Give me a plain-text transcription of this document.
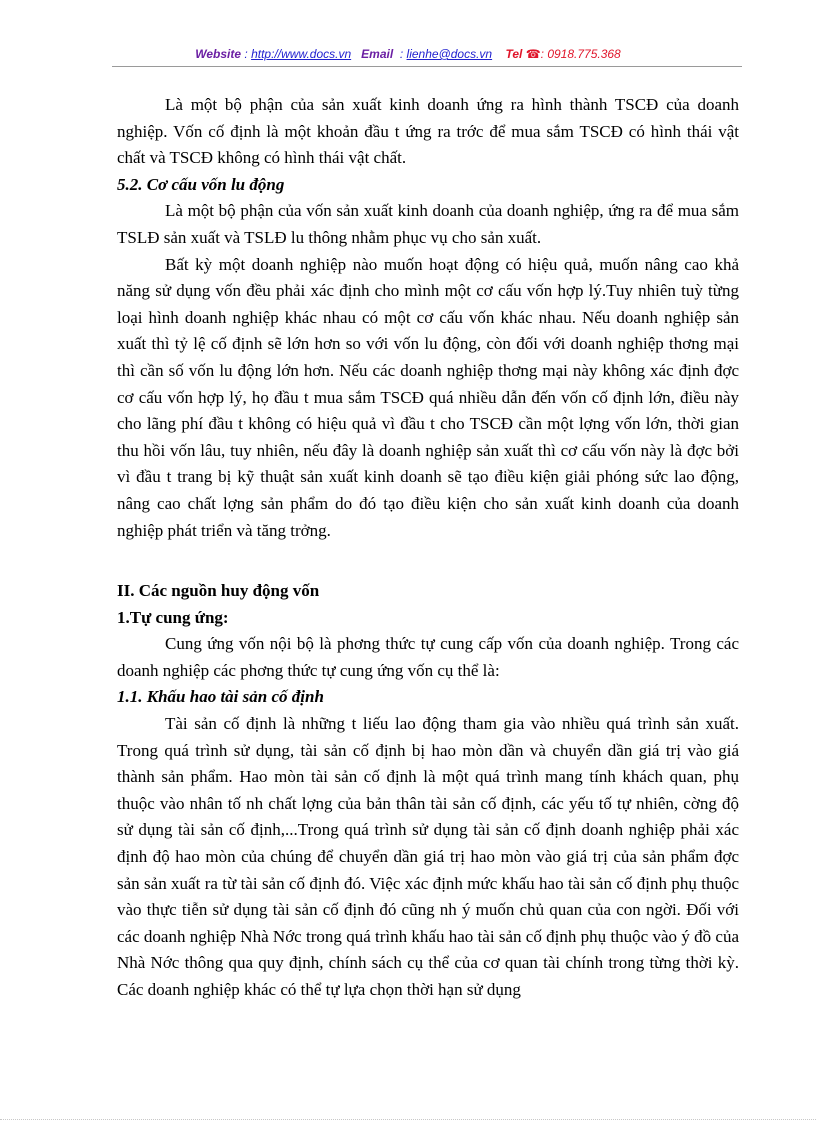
Website : http://www.docs.vn Email : lienhe@docs.vn Tel ☎: 0918.775.368

Là một bộ phận của sản xuất kinh doanh ứng ra hình thành TSCĐ của doanh nghiệp. Vốn cố định là một khoản đầu t ứng ra trớc để mua sắm TSCĐ có hình thái vật chất và TSCĐ không có hình thái vật chất.

5.2. Cơ cấu vốn lu động

Là một bộ phận của vốn sản xuất kinh doanh của doanh nghiệp, ứng ra để mua sắm TSLĐ sản xuất và TSLĐ lu thông nhằm phục vụ cho sản xuất.

Bất kỳ một doanh nghiệp nào muốn hoạt động có hiệu quả, muốn nâng cao khả năng sử dụng vốn đều phải xác định cho mình một cơ cấu vốn hợp lý.Tuy nhiên tuỳ từng loại hình doanh nghiệp khác nhau có một cơ cấu vốn khác nhau. Nếu doanh nghiệp sản xuất thì tỷ lệ cố định sẽ lớn hơn so với vốn lu động, còn đối với doanh nghiệp thơng mại thì cần số vốn lu động lớn hơn. Nếu các doanh nghiệp thơng mại này không xác định đợc cơ cấu vốn hợp lý, họ đầu t mua sắm TSCĐ quá nhiều dẫn đến vốn cố định lớn, điều này cho lãng phí đầu t không có hiệu quả vì đầu t cho TSCĐ cần một lợng vốn lớn, thời gian thu hồi vốn lâu, tuy nhiên, nếu đây là doanh nghiệp sản xuất thì cơ cấu vốn này là đợc bởi vì đầu t trang bị kỹ thuật sản xuất kinh doanh sẽ tạo điều kiện giải phóng sức lao động, nâng cao chất lợng sản phẩm do đó tạo điều kiện cho sản xuất kinh doanh của doanh nghiệp phát triển và tăng trởng.

II. Các nguồn huy động vốn
1.Tự cung ứng:

Cung ứng vốn nội bộ là phơng thức tự cung cấp vốn của doanh nghiệp. Trong các doanh nghiệp các phơng thức tự cung ứng vốn cụ thể là:

1.1. Khấu hao tài sản cố định

Tài sản cố định là những t liếu lao động tham gia vào nhiều quá trình sản xuất. Trong quá trình sử dụng, tài sản cố định bị hao mòn dần và chuyển dần giá trị vào giá thành sản phẩm. Hao mòn tài sản cố định là một quá trình mang tính khách quan, phụ thuộc vào nhân tố nh chất lợng của bản thân tài sản cố định, các yếu tố tự nhiên, cờng độ sử dụng tài sản cố định,...Trong quá trình sử dụng tài sản cố định doanh nghiệp phải xác định độ hao mòn của chúng để chuyển dần giá trị hao mòn vào giá trị của sản phẩm đợc sản sản xuất ra từ tài sản cố định đó. Việc xác định mức khấu hao tài sản cố định phụ thuộc vào thực tiễn sử dụng tài sản cố định đó cũng nh ý muốn chủ quan của con ngời. Đối với các doanh nghiệp Nhà Nớc trong quá trình khấu hao tài sản cố định phụ thuộc vào ý đồ của Nhà Nớc thông qua quy định, chính sách cụ thể của cơ quan tài chính trong từng thời kỳ. Các doanh nghiệp khác có thể tự lựa chọn thời hạn sử dụng
